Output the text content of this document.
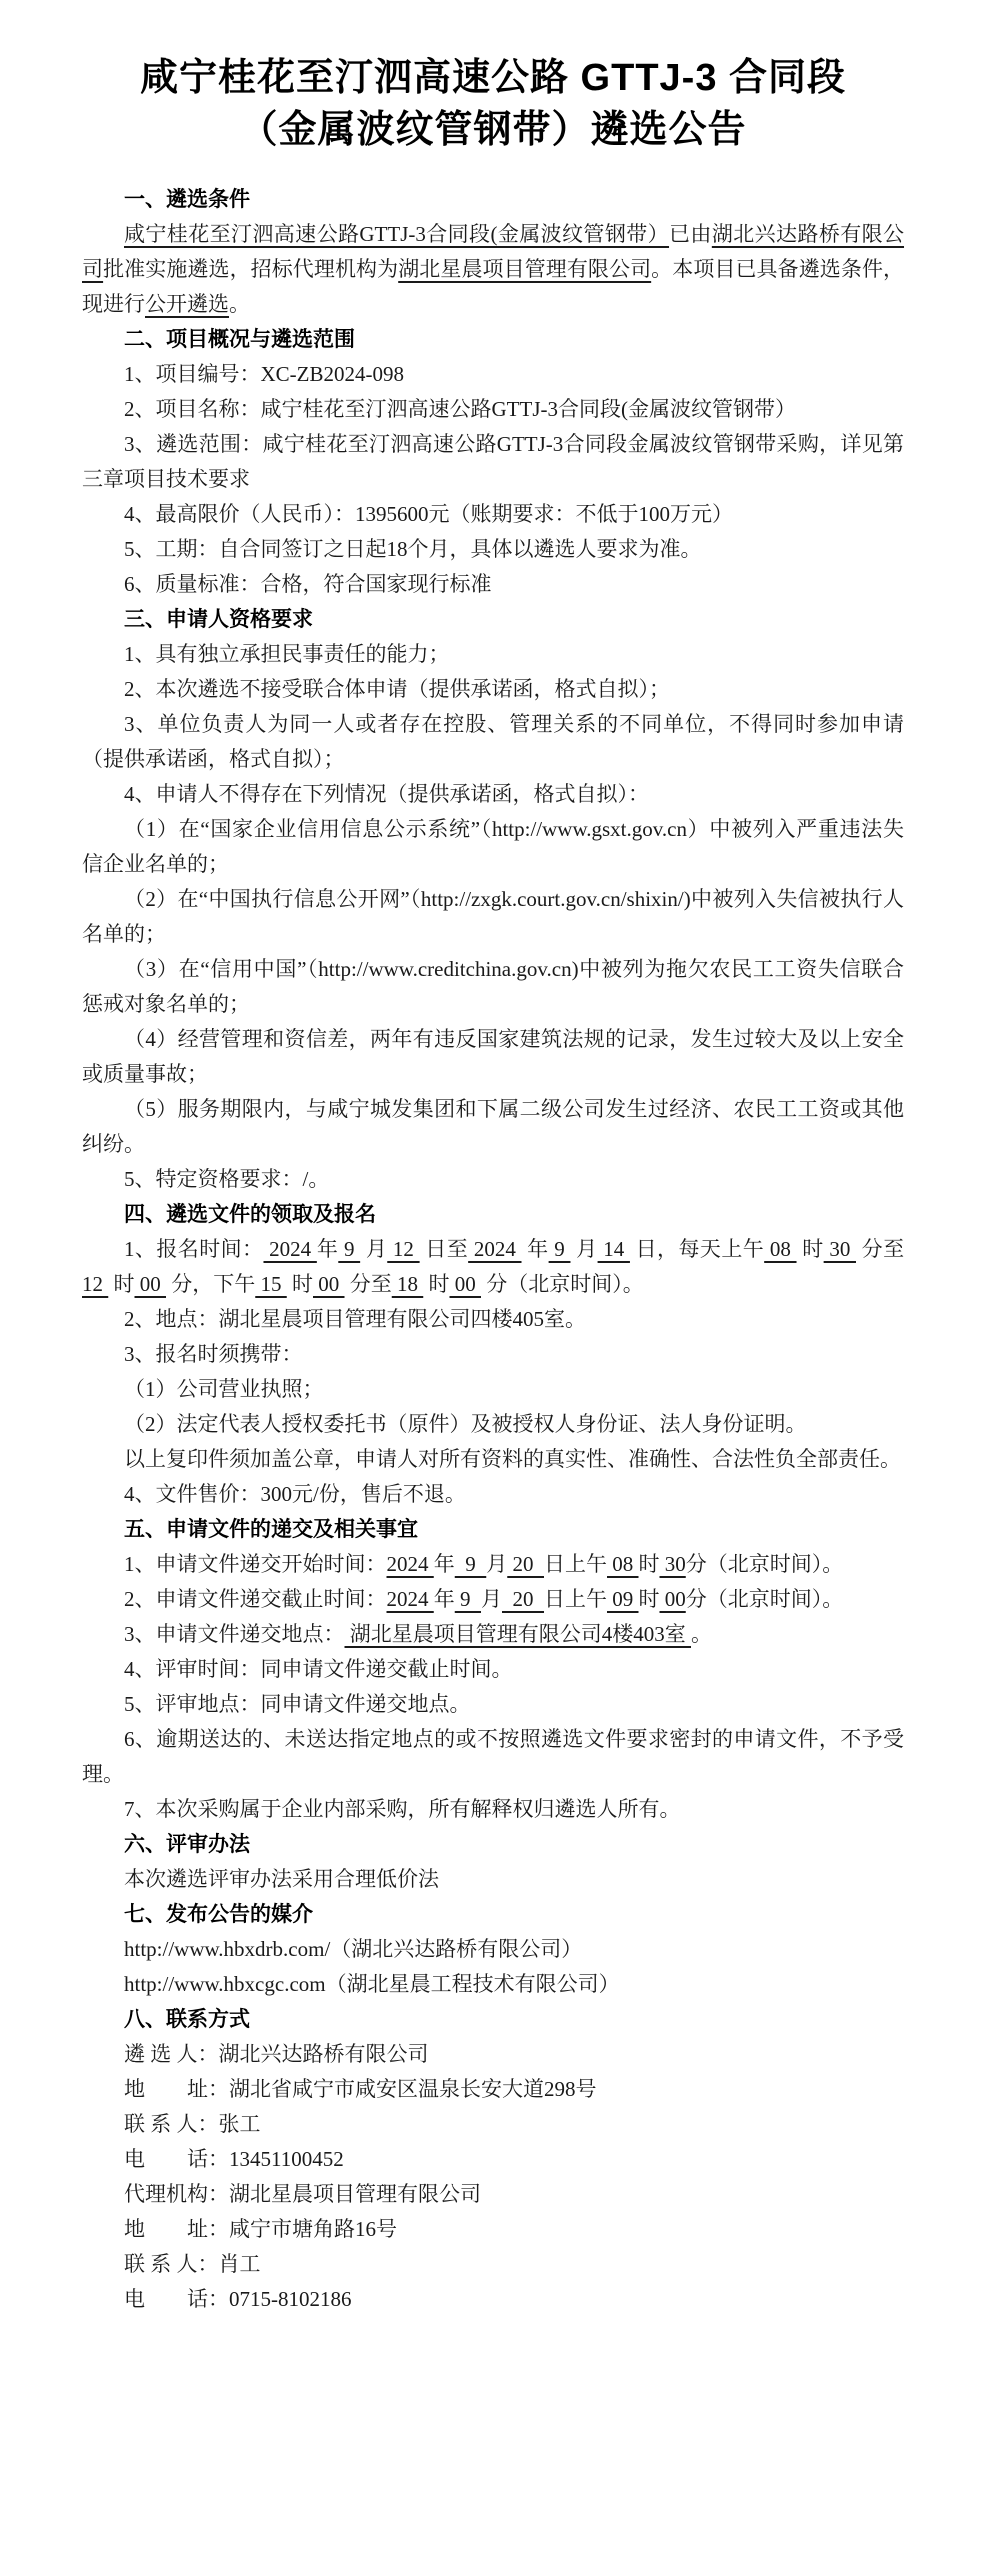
咸宁桂花至汀泗高速公路 GTTJ-3 合同段
（金属波纹管钢带）遴选公告

一、遴选条件

咸宁桂花至汀泗高速公路GTTJ-3合同段(金属波纹管钢带）已由湖北兴达路桥有限公司批准实施遴选，招标代理机构为湖北星晨项目管理有限公司。本项目已具备遴选条件，现进行公开遴选。

二、项目概况与遴选范围

1、项目编号：XC-ZB2024-098

2、项目名称：咸宁桂花至汀泗高速公路GTTJ-3合同段(金属波纹管钢带）

3、遴选范围：咸宁桂花至汀泗高速公路GTTJ-3合同段金属波纹管钢带采购，详见第三章项目技术要求

4、最高限价（人民币）：1395600元（账期要求：不低于100万元）

5、工期：自合同签订之日起18个月，具体以遴选人要求为准。

6、质量标准：合格，符合国家现行标准

三、申请人资格要求

1、具有独立承担民事责任的能力；

2、本次遴选不接受联合体申请（提供承诺函，格式自拟）；

3、单位负责人为同一人或者存在控股、管理关系的不同单位，不得同时参加申请（提供承诺函，格式自拟）；

4、申请人不得存在下列情况（提供承诺函，格式自拟）：

（1）在“国家企业信用信息公示系统”（http://www.gsxt.gov.cn）中被列入严重违法失信企业名单的；

（2）在“中国执行信息公开网”（http://zxgk.court.gov.cn/shixin/)中被列入失信被执行人名单的；

（3）在“信用中国”（http://www.creditchina.gov.cn)中被列为拖欠农民工工资失信联合惩戒对象名单的；

（4）经营管理和资信差，两年有违反国家建筑法规的记录，发生过较大及以上安全或质量事故；

（5）服务期限内，与咸宁城发集团和下属二级公司发生过经济、农民工工资或其他纠纷。

5、特定资格要求：/。

四、遴选文件的领取及报名

1、报名时间： 2024 年 9  月 12  日至 2024  年 9  月 14  日，每天上午 08  时 30  分至12  时 00  分，下午 15  时 00  分至 18  时 00  分（北京时间）。

2、地点：湖北星晨项目管理有限公司四楼405室。

3、报名时须携带：

（1）公司营业执照；

（2）法定代表人授权委托书（原件）及被授权人身份证、法人身份证明。

以上复印件须加盖公章，申请人对所有资料的真实性、准确性、合法性负全部责任。

4、文件售价：300元/份，售后不退。

五、申请文件的递交及相关事宜

1、申请文件递交开始时间：2024 年  9  月 20  日上午 08 时 30分（北京时间）。

2、申请文件递交截止时间：2024 年 9  月  20  日上午 09 时 00分（北京时间）。

3、申请文件递交地点： 湖北星晨项目管理有限公司4楼403室 。

4、评审时间：同申请文件递交截止时间。

5、评审地点：同申请文件递交地点。

6、逾期送达的、未送达指定地点的或不按照遴选文件要求密封的申请文件，不予受理。

7、本次采购属于企业内部采购，所有解释权归遴选人所有。

六、评审办法

本次遴选评审办法采用合理低价法

七、发布公告的媒介

http://www.hbxdrb.com/（湖北兴达路桥有限公司）

http://www.hbxcgc.com（湖北星晨工程技术有限公司）

八、联系方式

遴 选 人：湖北兴达路桥有限公司

地　　址：湖北省咸宁市咸安区温泉长安大道298号

联 系 人：张工

电　　话：13451100452

代理机构：湖北星晨项目管理有限公司

地　　址：咸宁市塘角路16号

联 系 人：肖工

电　　话：0715-8102186
